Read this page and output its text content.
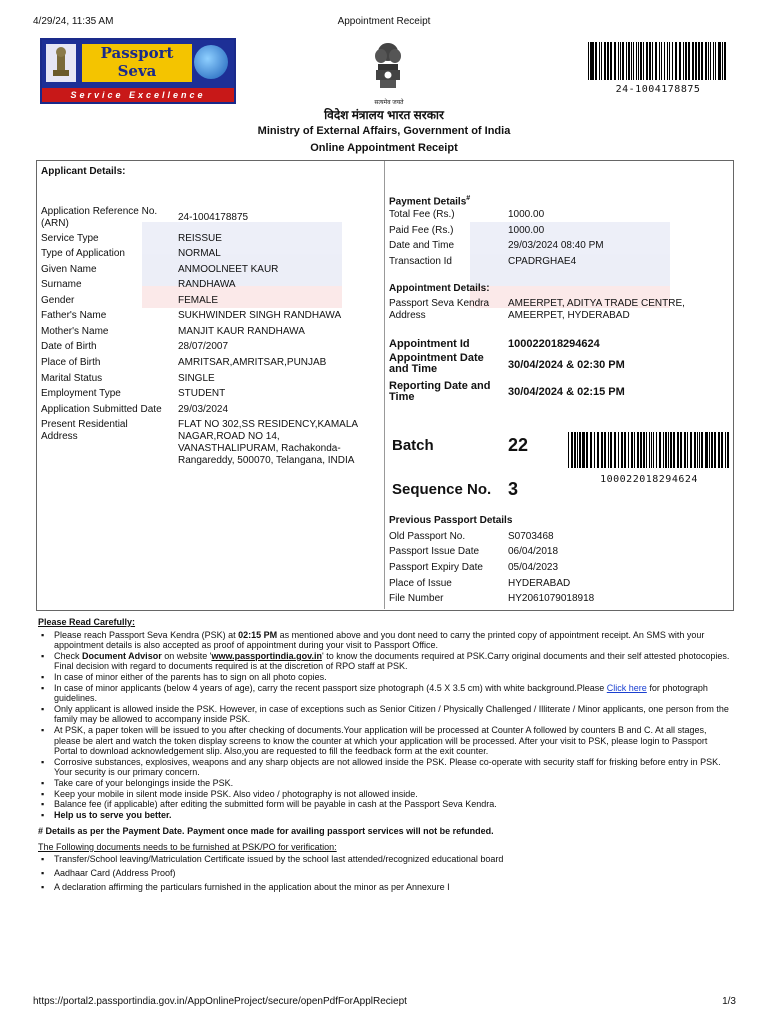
4/29/24, 11:35 AM	Appointment Receipt
Passport
Seva
Service Excellence
सत्यमेव जयते
24-1004178875
विदेश मंत्रालय भारत सरकार
Ministry of External Affairs, Government of India
Online Appointment Receipt
Applicant Details:
Application Reference No. (ARN)
24-1004178875
Service Type	REISSUE
Type of Application	NORMAL
Given Name	ANMOOLNEET KAUR
Surname	RANDHAWA
Gender	FEMALE
Father's Name	SUKHWINDER SINGH RANDHAWA
Mother's Name	MANJIT KAUR RANDHAWA
Date of Birth	28/07/2007
Place of Birth	AMRITSAR,AMRITSAR,PUNJAB
Marital Status	SINGLE
Employment Type	STUDENT
Application Submitted Date 29/03/2024
Present Residential Address
FLAT NO 302,SS RESIDENCY,KAMALA NAGAR,ROAD NO 14, VANASTHALIPURAM, Rachakonda-Rangareddy, 500070, Telangana, INDIA
Payment Details#
Total Fee (Rs.)	1000.00
Paid Fee (Rs.)	1000.00
Date and Time	29/03/2024 08:40 PM
Transaction Id	CPADRGHAE4
Appointment Details:
Passport Seva Kendra Address
AMEERPET, ADITYA TRADE CENTRE, AMEERPET, HYDERABAD
Appointment Id	100022018294624
Appointment Date and Time	30/04/2024 & 02:30 PM
Reporting Date and Time	30/04/2024 & 02:15 PM
Batch	22
Sequence No. 3	100022018294624
Previous Passport Details
Old Passport No.	S0703468
Passport Issue Date	06/04/2018
Passport Expiry Date	05/04/2023
Place of Issue	HYDERABAD
File Number	HY2061079018918
Please Read Carefully:
▪ Please reach Passport Seva Kendra (PSK) at 02:15 PM as mentioned above and you dont need to carry the printed copy of appointment receipt. An SMS with your appointment details is also accepted as proof of appointment during your visit to Passport Office.
▪ Check Document Advisor on website 'www.passportindia.gov.in' to know the documents required at PSK.Carry original documents and their self attested photocopies. Final decision with regard to documents required is at the discretion of RPO staff at PSK.
▪ In case of minor either of the parents has to sign on all photo copies.
▪ In case of minor applicants (below 4 years of age), carry the recent passport size photograph (4.5 X 3.5 cm) with white background.Please Click here for photograph guidelines.
▪ Only applicant is allowed inside the PSK. However, in case of exceptions such as Senior Citizen / Physically Challenged / Illiterate / Minor applicants, one person from the family may be allowed to accompany inside PSK.
▪ At PSK, a paper token will be issued to you after checking of documents.Your application will be processed at Counter A followed by counters B and C. At all stages, please be alert and watch the token display screens to know the counter at which your application will be processed. After your visit to PSK, please login to Passport Portal to download acknowledgement slip. Also,you are requested to fill the feedback form at the exit counter.
▪ Corrosive substances, explosives, weapons and any sharp objects are not allowed inside the PSK. Please co-operate with security staff for frisking before entry in PSK. Your security is our primary concern.
▪ Take care of your belongings inside the PSK.
▪ Keep your mobile in silent mode inside PSK. Also video / photography is not allowed inside.
▪ Balance fee (if applicable) after editing the submitted form will be payable in cash at the Passport Seva Kendra.
▪ Help us to serve you better.
# Details as per the Payment Date. Payment once made for availing passport services will not be refunded.
The Following documents needs to be furnished at PSK/PO for verification:
▪ Transfer/School leaving/Matriculation Certificate issued by the school last attended/recognized educational board
▪ Aadhaar Card (Address Proof)
▪ A declaration affirming the particulars furnished in the application about the minor as per Annexure I
https://portal2.passportindia.gov.in/AppOnlineProject/secure/openPdfForApplReciept	1/3
